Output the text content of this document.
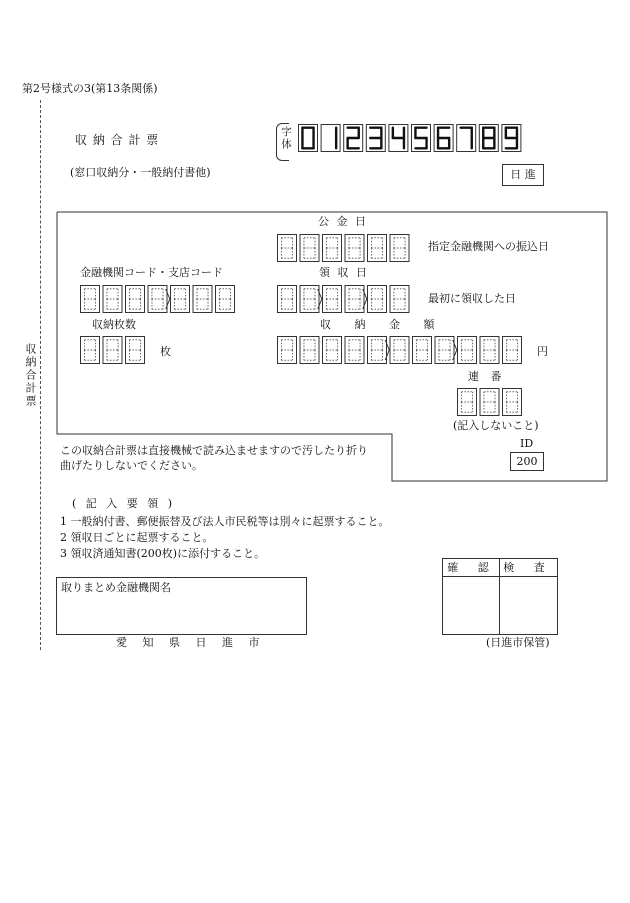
第2号様式の3(第13条関係)
収納合計票
収 納 合 計 票
(窓口収納分・一般納付書他)
字体
日 進
公 金 日
指定金融機関への振込日
金融機関コード・支店コード	領 収 日
最初に領収した日
収納枚数
枚
収 納 金 額
円
連 番
(記入しないこと)
ID
200
この収納合計票は直接機械で読み込ませますので汚したり折り
曲げたりしないでください。
( 記 入 要 領 )
1 一般納付書、郵便振替及び法人市民税等は別々に起票すること。
2 領収日ごとに起票すること。
3 領収済通知書(200枚)に添付すること。
取りまとめ金融機関名
愛 知 県 日 進 市
確 認 検 査
(日進市保管)
